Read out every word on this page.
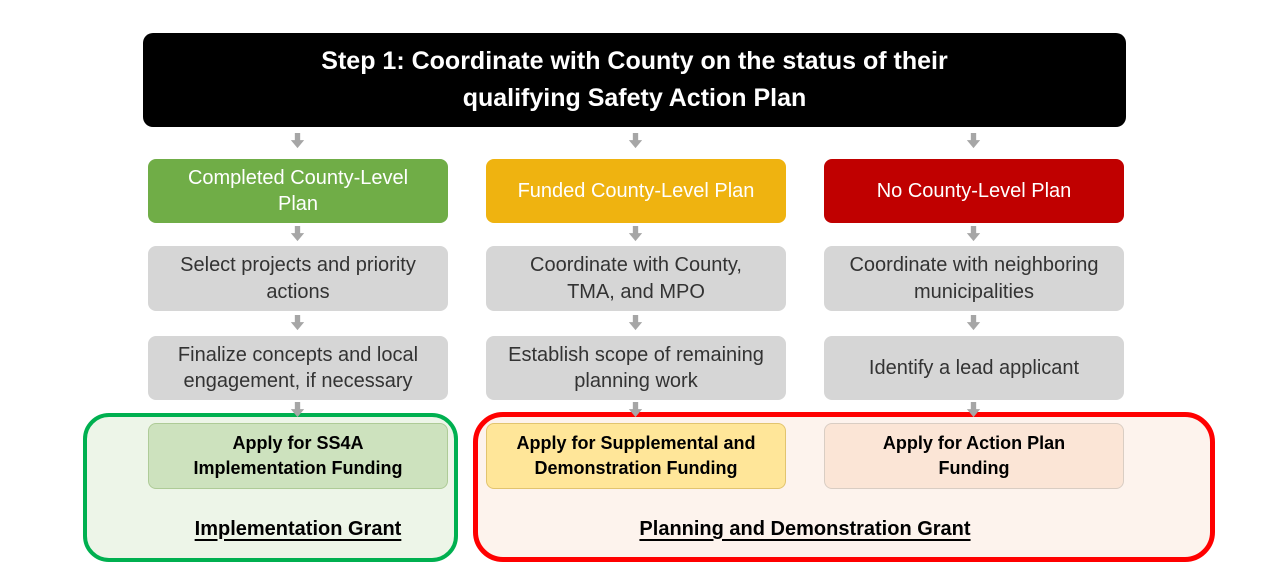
Step 1: Coordinate with County on the status of their
qualifying Safety Action Plan
Completed County-Level
Plan
Select projects and priority
actions
Finalize concepts and local
engagement, if necessary
Apply for SS4A
Implementation Funding
Funded County-Level Plan
Coordinate with County,
TMA, and MPO
Establish scope of remaining
planning work
Apply for Supplemental and
Demonstration Funding
No County-Level Plan
Coordinate with neighboring
municipalities
Identify a lead applicant
Apply for Action Plan
Funding
Implementation Grant	Planning and Demonstration Grant
